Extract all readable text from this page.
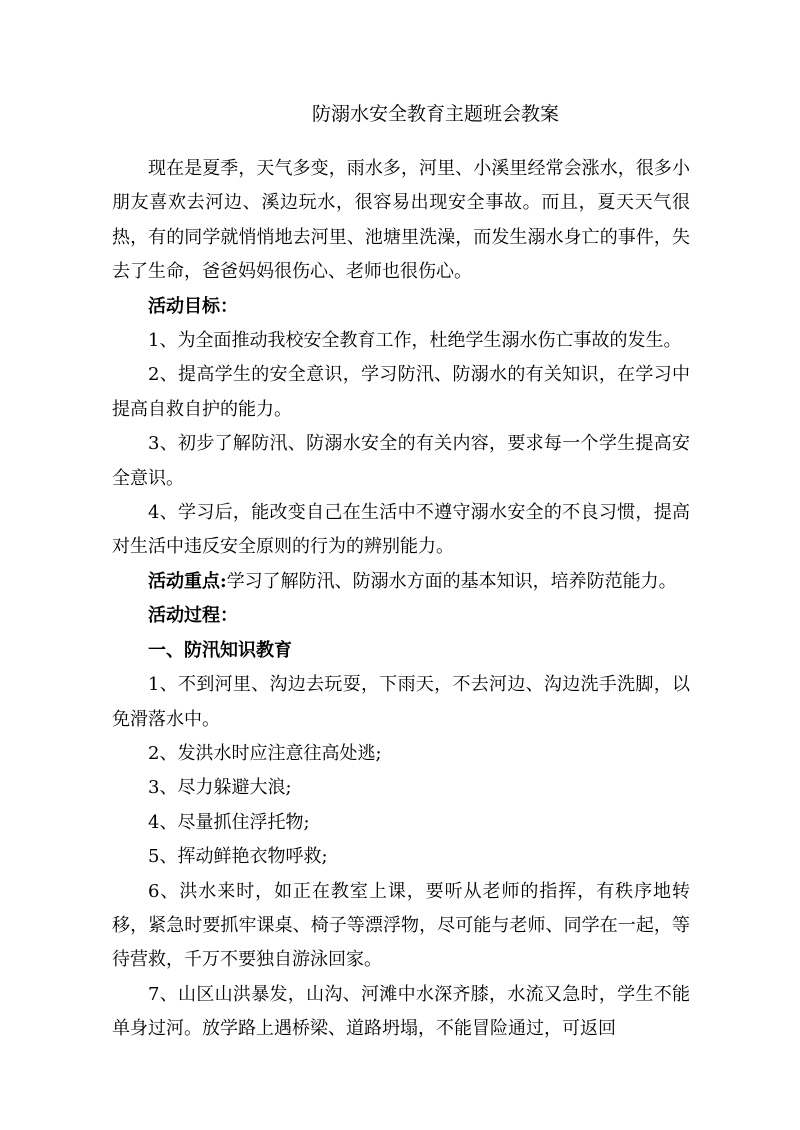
防溺水安全教育主题班会教案

现在是夏季，天气多变，雨水多，河里、小溪里经常会涨水，很多小朋友喜欢去河边、溪边玩水，很容易出现安全事故。而且，夏天天气很热，有的同学就悄悄地去河里、池塘里洗澡，而发生溺水身亡的事件，失去了生命，爸爸妈妈很伤心、老师也很伤心。

活动目标：

1、为全面推动我校安全教育工作，杜绝学生溺水伤亡事故的发生。

2、提高学生的安全意识，学习防汛、防溺水的有关知识，在学习中提高自救自护的能力。

3、初步了解防汛、防溺水安全的有关内容，要求每一个学生提高安全意识。

4、学习后，能改变自己在生活中不遵守溺水安全的不良习惯，提高对生活中违反安全原则的行为的辨别能力。

活动重点:学习了解防汛、防溺水方面的基本知识，培养防范能力。

活动过程：

一、防汛知识教育

1、不到河里、沟边去玩耍，下雨天，不去河边、沟边洗手洗脚，以免滑落水中。

2、发洪水时应注意往高处逃;

3、尽力躲避大浪;

4、尽量抓住浮托物;

5、挥动鲜艳衣物呼救;

6、洪水来时，如正在教室上课，要听从老师的指挥，有秩序地转移，紧急时要抓牢课桌、椅子等漂浮物，尽可能与老师、同学在一起，等待营救，千万不要独自游泳回家。

7、山区山洪暴发，山沟、河滩中水深齐膝，水流又急时，学生不能单身过河。放学路上遇桥梁、道路坍塌，不能冒险通过，可返回
